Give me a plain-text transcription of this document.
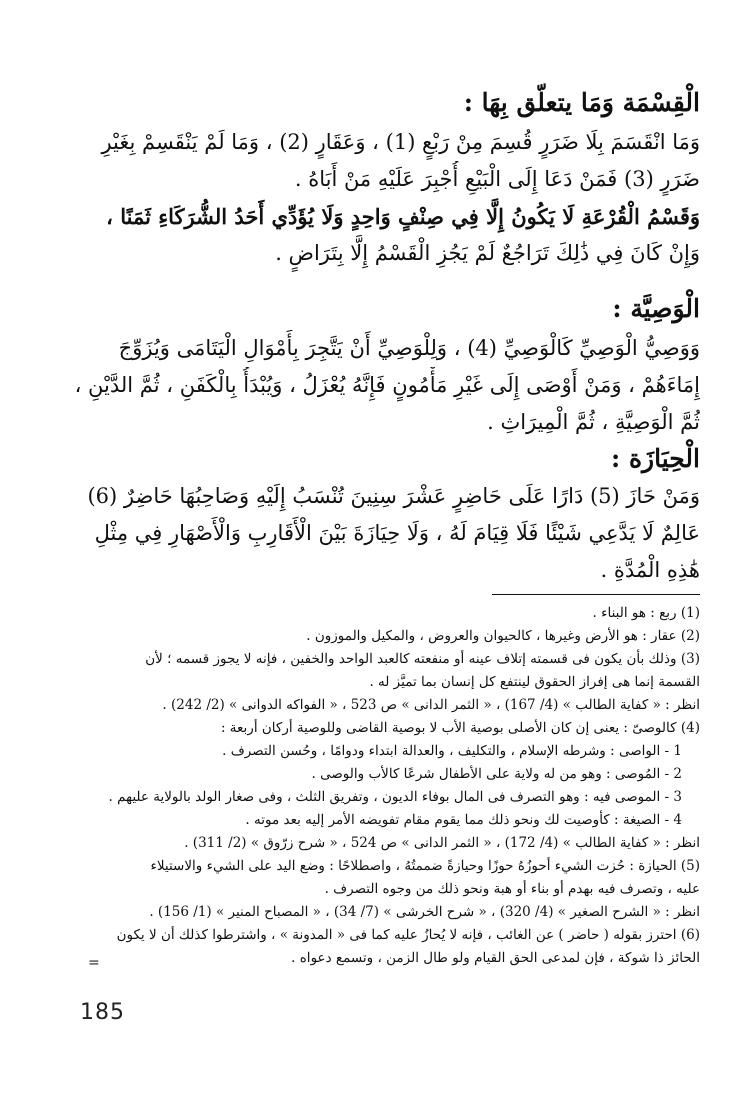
الْقِسْمَة وَمَا يتعلّق بِهَا :
وَمَا انْقَسَمَ بِلَا ضَرَرٍ قُسِمَ مِنْ رَبْعٍ (1) ، وَعَقَارٍ (2) ، وَمَا لَمْ يَنْقَسِمْ بِغَيْرِ
ضَرَرٍ (3) فَمَنْ دَعَا إِلَى الْبَيْعِ أُجْبِرَ عَلَيْهِ مَنْ أَبَاهُ .
وَقَسْمُ الْقُرْعَةِ لَا يَكُونُ إِلَّا فِي صِنْفٍ وَاحِدٍ وَلَا يُؤَدِّي أَحَدُ الشُّرَكَاءِ ثَمَنًا ،
وَإِنْ كَانَ فِي ذَٰلِكَ تَرَاجُعٌ لَمْ يَجُزِ الْقَسْمُ إِلَّا بِتَرَاضٍ .
الْوَصِيَّة :
وَوَصِيُّ الْوَصِيِّ كَالْوَصِيِّ (4) ، وَلِلْوَصِيِّ أَنْ يَتَّجِرَ بِأَمْوَالِ الْيَتَامَى وَيُزَوِّجَ
إِمَاءَهُمْ ، وَمَنْ أَوْصَى إِلَى غَيْرِ مَأْمُونٍ فَإِنَّهُ يُعْزَلُ ، وَيُبْدَأُ بِالْكَفَنِ ، ثُمَّ الدَّيْنِ ،
ثُمَّ الْوَصِيَّةِ ، ثُمَّ الْمِيرَاثِ .
الْحِيَازَة :
وَمَنْ حَازَ (5) دَارًا عَلَى حَاضِرٍ عَشْرَ سِنِينَ تُنْسَبُ إِلَيْهِ وَصَاحِبُهَا حَاضِرٌ (6)
عَالِمٌ لَا يَدَّعِي شَيْئًا فَلَا قِيَامَ لَهُ ، وَلَا حِيَازَةَ بَيْنَ الْأَقَارِبِ وَالْأَصْهَارِ فِي مِثْلِ
هَٰذِهِ الْمُدَّةِ .
(1) ربع : هو البناء .
(2) عقار : هو الأرض وغيرها ، كالحيوان والعروض ، والمكيل والموزون .
(3) وذلك بأن يكون فى قسمته إتلاف عينه أو منفعته كالعبد الواحد والخفين ، فإنه لا يجوز قسمه ؛ لأن
القسمة إنما هى إفراز الحقوق لينتفع كل إنسان بما تميَّز له .
انظر : « كفاية الطالب » (4/ 167) ، « الثمر الدانى » ص 523 ، « الفواكه الدوانى » (2/ 242) .
(4) كالوصىّ : يعنى إن كان الأصلى بوصية الأب لا بوصية القاضى وللوصية أركان أربعة :
1 - الواصى : وشرطه الإسلام ، والتكليف ، والعدالة ابتداء ودوامًا ، وحُسن التصرف .
2 - المُوصى : وهو من له ولاية على الأطفال شرعًا كالأب والوصى .
3 - الموصى فيه : وهو التصرف فى المال بوفاء الديون ، وتفريق الثلث ، وفى صغار الولد بالولاية عليهم .
4 - الصيغة : كأوصيت لك ونحو ذلك مما يقوم مقام تفويضه الأمر إليه بعد موته .
انظر : « كفاية الطالب » (4/ 172) ، « الثمر الدانى » ص 524 ، « شرح زرّوق » (2/ 311) .
(5) الحيازة : حُزت الشيء أحوزُهُ حوزًا وحيازةً ضممتُهُ ، واصطلاحًا : وضع اليد على الشيء والاستيلاء
عليه ، وتصرف فيه بهدم أو بناء أو هبة ونحو ذلك من وجوه التصرف .
انظر : « الشرح الصغير » (4/ 320) ، « شرح الخرشى » (7/ 34) ، « المصباح المنير » (1/ 156) .
(6) احترز بقوله ( حاضر ) عن الغائب ، فإنه لا يُحازُ عليه كما فى « المدونة » ، واشترطوا كذلك أن لا يكون
الحائز ذا شوكة ، فإن لمدعى الحق القيام ولو طال الزمن ، وتسمع دعواه .
=
185
